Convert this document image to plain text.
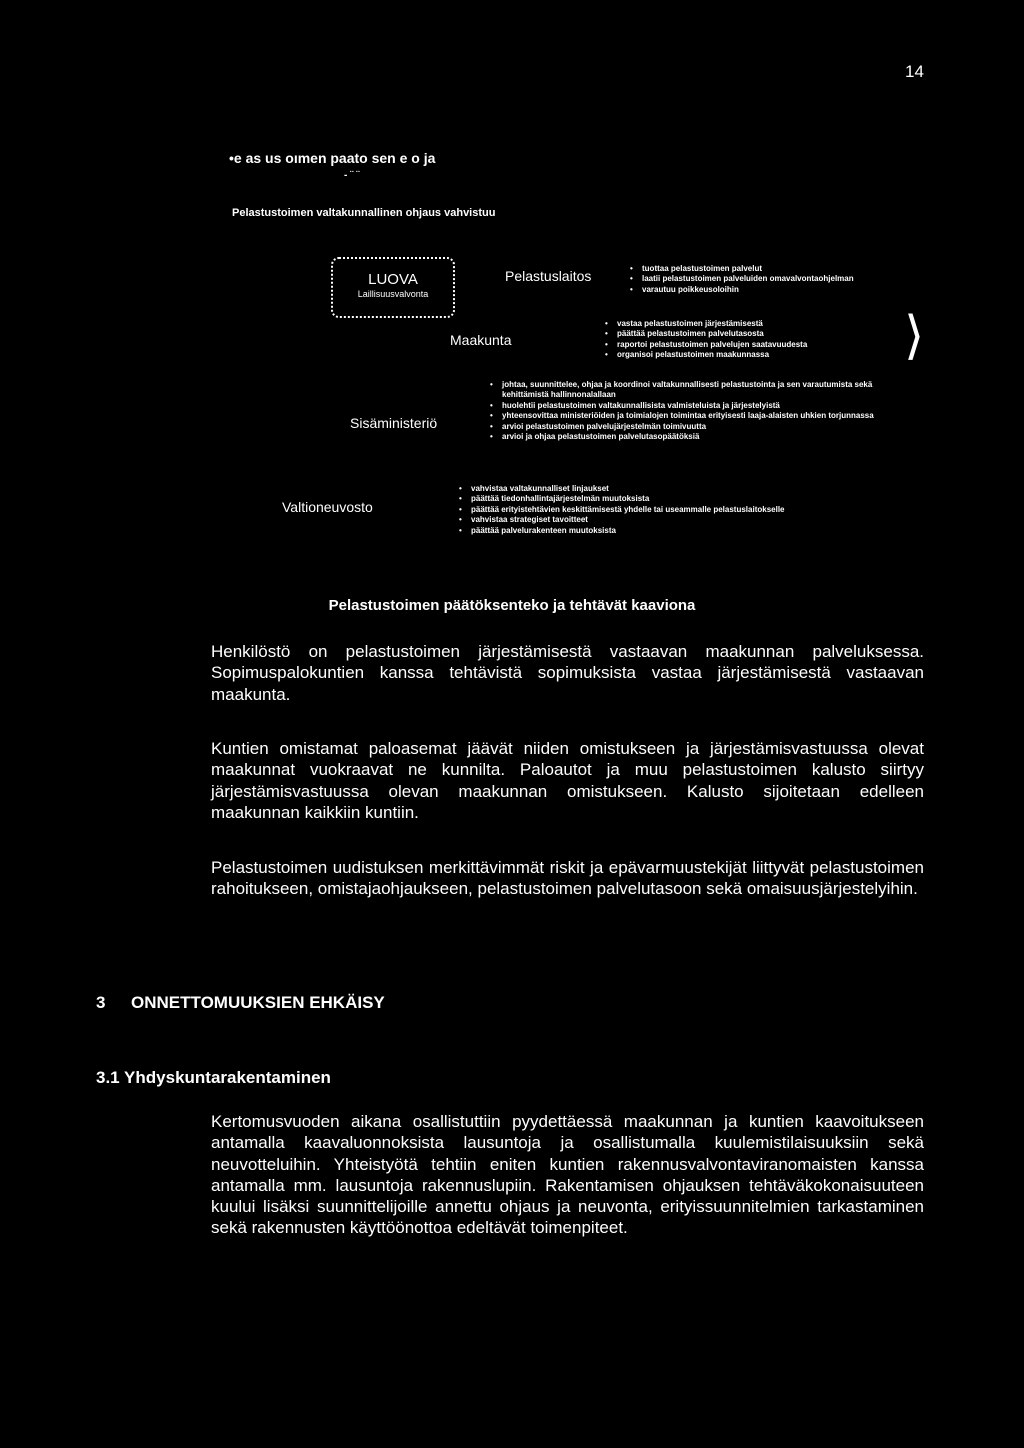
14
•e as us oımen paato sen e o ja
- ¨ ¨
Pelastustoimen valtakunnallinen ohjaus vahvistuu
LUOVA
Laillisuusvalvonta
Pelastuslaitos
•	tuottaa pelastustoimen palvelut
• laatii pelastustoimen palveluiden omavalvontaohjelman
• varautuu poikkeusoloihin
Maakunta
• vastaa pelastustoimen järjestämisestä
• päättää pelastustoimen palvelutasosta
• raportoi pelastustoimen palvelujen saatavuudesta
• organisoi pelastustoimen maakunnassa	⟩
Sisäministeriö
• johtaa, suunnittelee, ohjaa ja koordinoi valtakunnallisesti pelastustointa ja sen varautumista sekä kehittämistä hallinnonalallaan
• huolehtii pelastustoimen valtakunnallisista valmisteluista ja järjestelyistä
• yhteensovittaa ministeriöiden ja toimialojen toimintaa erityisesti laaja-alaisten uhkien torjunnassa
• arvioi pelastustoimen palvelujärjestelmän toimivuutta
• arvioi ja ohjaa pelastustoimen palvelutasopäätöksiä
Valtioneuvosto
• vahvistaa valtakunnalliset linjaukset
• päättää tiedonhallintajärjestelmän muutoksista
• päättää erityistehtävien keskittämisestä yhdelle tai useammalle pelastuslaitokselle
• vahvistaa strategiset tavoitteet
• päättää palvelurakenteen muutoksista
Pelastustoimen päätöksenteko ja tehtävät kaaviona
Henkilöstö on pelastustoimen järjestämisestä vastaavan maakunnan palveluksessa. Sopimuspalokuntien kanssa tehtävistä sopimuksista vastaa järjestämisestä vastaavan maakunta.
Kuntien omistamat paloasemat jäävät niiden omistukseen ja järjestämisvastuussa olevat maakunnat vuokraavat ne kunnilta. Paloautot ja muu pelastustoimen kalusto siirtyy järjestämisvastuussa olevan maakunnan omistukseen. Kalusto sijoitetaan edelleen maakunnan kaikkiin kuntiin.
Pelastustoimen uudistuksen merkittävimmät riskit ja epävarmuustekijät liittyvät pelastustoimen rahoitukseen, omistajaohjaukseen, pelastustoimen palvelutasoon sekä omaisuusjärjestelyihin.
3 ONNETTOMUUKSIEN EHKÄISY
3.1 Yhdyskuntarakentaminen
Kertomusvuoden aikana osallistuttiin pyydettäessä maakunnan ja kuntien kaavoitukseen antamalla kaavaluonnoksista lausuntoja ja osallistumalla kuulemistilaisuuksiin sekä neuvotteluihin. Yhteistyötä tehtiin eniten kuntien rakennusvalvontaviranomaisten kanssa antamalla mm. lausuntoja rakennuslupiin. Rakentamisen ohjauksen tehtäväkokonaisuuteen kuului lisäksi suunnittelijoille annettu ohjaus ja neuvonta, erityissuunnitelmien tarkastaminen sekä rakennusten käyttöönottoa edeltävät toimenpiteet.
